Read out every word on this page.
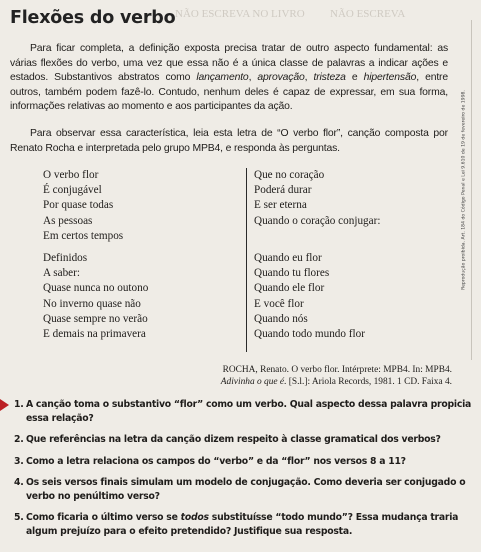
NÃO ESCREVA NO LIVRO NÃO ESCREVA
Flexões do verbo

Para ficar completa, a definição exposta precisa tratar de outro aspecto fundamental: as várias flexões do verbo, uma vez que essa não é a única classe de palavras a indicar ações e estados. Substantivos abstratos como lançamento, aprovação, tristeza e hipertensão, entre outros, também podem fazê-lo. Contudo, nenhum deles é capaz de expressar, em sua forma, informações relativas ao momento e aos participantes da ação.

Para observar essa característica, leia esta letra de “O verbo flor”, canção composta por Renato Rocha e interpretada pelo grupo MPB4, e responda às perguntas.

O verbo flor
É conjugável
Por quase todas
As pessoas
Em certos tempos
Definidos
A saber:
Quase nunca no outono
No inverno quase não
Quase sempre no verão
E demais na primavera
Que no coração
Poderá durar
E ser eterna
Quando o coração conjugar:
Quando eu flor
Quando tu flores
Quando ele flor
E você flor
Quando nós
Quando todo mundo flor
ROCHA, Renato. O verbo flor. Intérprete: MPB4. In: MPB4.
Adivinha o que é. [S.l.]: Ariola Records, 1981. 1 CD. Faixa 4.
1. A canção toma o substantivo “flor” como um verbo. Qual aspecto dessa palavra propicia essa relação?
2. Que referências na letra da canção dizem respeito à classe gramatical dos verbos?
3. Como a letra relaciona os campos do “verbo” e da “flor” nos versos 8 a 11?
4. Os seis versos finais simulam um modelo de conjugação. Como deveria ser conjugado o verbo no penúltimo verso?
5. Como ficaria o último verso se todos substituísse “todo mundo”? Essa mudança traria algum prejuízo para o efeito pretendido? Justifique sua resposta.
Reprodução proibida. Art. 184 do Código Penal e Lei 9.610 de 19 de fevereiro de 1998.
